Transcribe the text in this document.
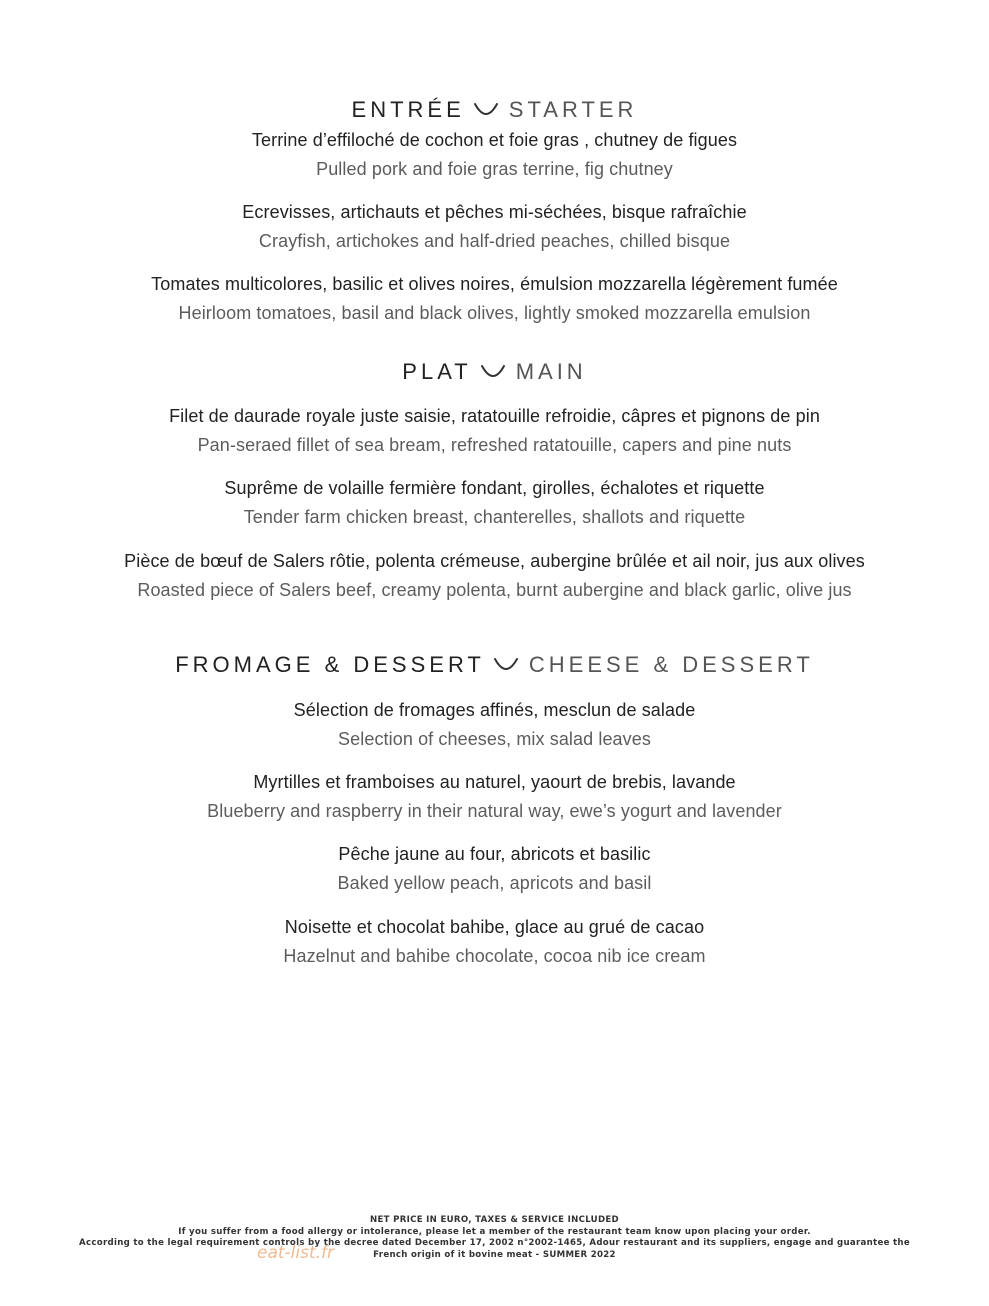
ENTRÉE STARTER
Terrine d’effiloché de cochon et foie gras , chutney de figues
Pulled pork and foie gras terrine, fig chutney
Ecrevisses, artichauts et pêches mi-séchées, bisque rafraîchie
Crayfish, artichokes and half-dried peaches, chilled bisque
Tomates multicolores, basilic et olives noires, émulsion mozzarella légèrement fumée
Heirloom tomatoes, basil and black olives, lightly smoked mozzarella emulsion
PLAT MAIN
Filet de daurade royale juste saisie, ratatouille refroidie, câpres et pignons de pin
Pan-seraed fillet of sea bream, refreshed ratatouille, capers and pine nuts
Suprême de volaille fermière fondant, girolles, échalotes et riquette
Tender farm chicken breast, chanterelles, shallots and riquette
Pièce de bœuf de Salers rôtie, polenta crémeuse, aubergine brûlée et ail noir, jus aux olives
Roasted piece of Salers beef, creamy polenta, burnt aubergine and black garlic, olive jus
FROMAGE & DESSERT CHEESE & DESSERT
Sélection de fromages affinés, mesclun de salade
Selection of cheeses, mix salad leaves
Myrtilles et framboises au naturel, yaourt de brebis, lavande
Blueberry and raspberry in their natural way, ewe’s yogurt and lavender
Pêche jaune au four, abricots et basilic
Baked yellow peach, apricots and basil
Noisette et chocolat bahibe, glace au grué de cacao
Hazelnut and bahibe chocolate, cocoa nib ice cream
NET PRICE IN EURO, TAXES & SERVICE INCLUDED
If you suffer from a food allergy or intolerance, please let a member of the restaurant team know upon placing your order.
According to the legal requirement controls by the decree dated December 17, 2002 n°2002-1465, Adour restaurant and its suppliers, engage and guarantee the
French origin of it bovine meat - SUMMER 2022
eat-list.fr
